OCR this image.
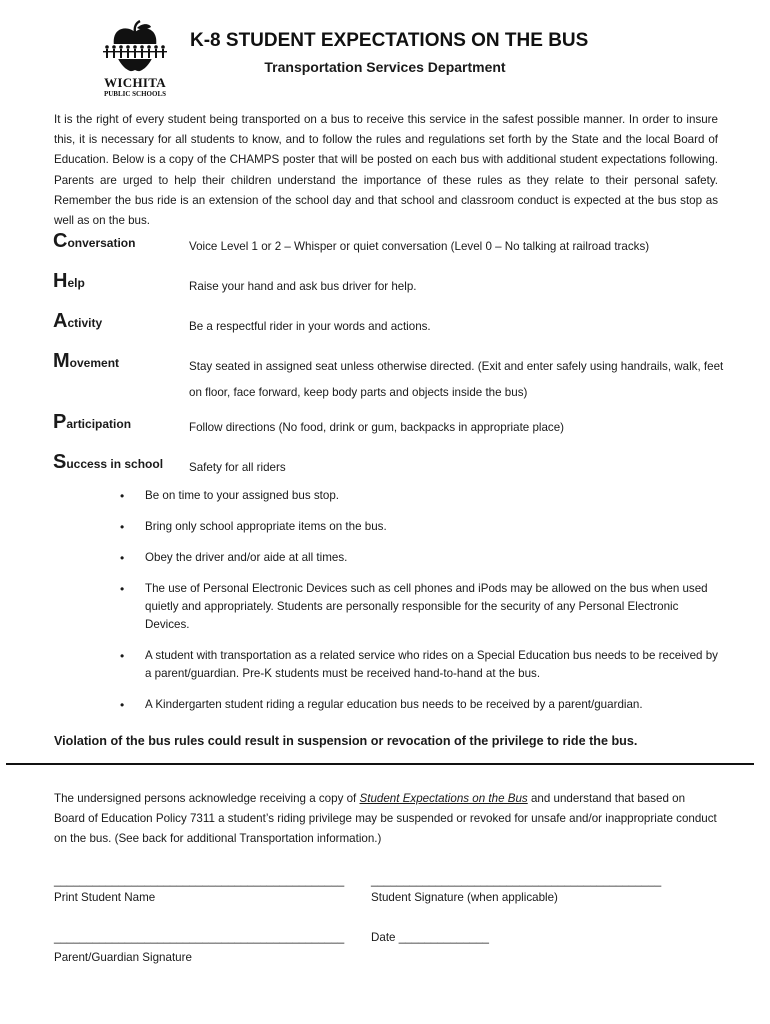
WICHITA
PUBLIC SCHOOLS
K-8 STUDENT EXPECTATIONS ON THE BUS
Transportation Services Department

It is the right of every student being transported on a bus to receive this service in the safest possible manner. In order to insure this, it is necessary for all students to know, and to follow the rules and regulations set forth by the State and the local Board of Education. Below is a copy of the CHAMPS poster that will be posted on each bus with additional student expectations following. Parents are urged to help their children understand the importance of these rules as they relate to their personal safety. Remember the bus ride is an extension of the school day and that school and classroom conduct is expected at the bus stop as well as on the bus.

Conversation	Voice Level 1 or 2 – Whisper or quiet conversation (Level 0 – No talking at railroad tracks)
Help	Raise your hand and ask bus driver for help.
Activity	Be a respectful rider in your words and actions.
Movement	Stay seated in assigned seat unless otherwise directed. (Exit and enter safely using handrails, walk, feet on floor, face forward, keep body parts and objects inside the bus)
Participation	Follow directions (No food, drink or gum, backpacks in appropriate place)
Success in school Safety for all riders
• Be on time to your assigned bus stop.
• Bring only school appropriate items on the bus.
• Obey the driver and/or aide at all times.
• The use of Personal Electronic Devices such as cell phones and iPods may be allowed on the bus when used quietly and appropriately. Students are personally responsible for the security of any Personal Electronic Devices.
• A student with transportation as a related service who rides on a Special Education bus needs to be received by a parent/guardian. Pre-K students must be received hand-to-hand at the bus.
• A Kindergarten student riding a regular education bus needs to be received by a parent/guardian.
Violation of the bus rules could result in suspension or revocation of the privilege to ride the bus.

The undersigned persons acknowledge receiving a copy of Student Expectations on the Bus and understand that based on Board of Education Policy 7311 a student’s riding privilege may be suspended or revoked for unsafe and/or inappropriate conduct on the bus. (See back for additional Transportation information.)

_____________________________________________ _____________________________________________
Print Student Name	Student Signature (when applicable)
_____________________________________________ Date ______________
Parent/Guardian Signature
